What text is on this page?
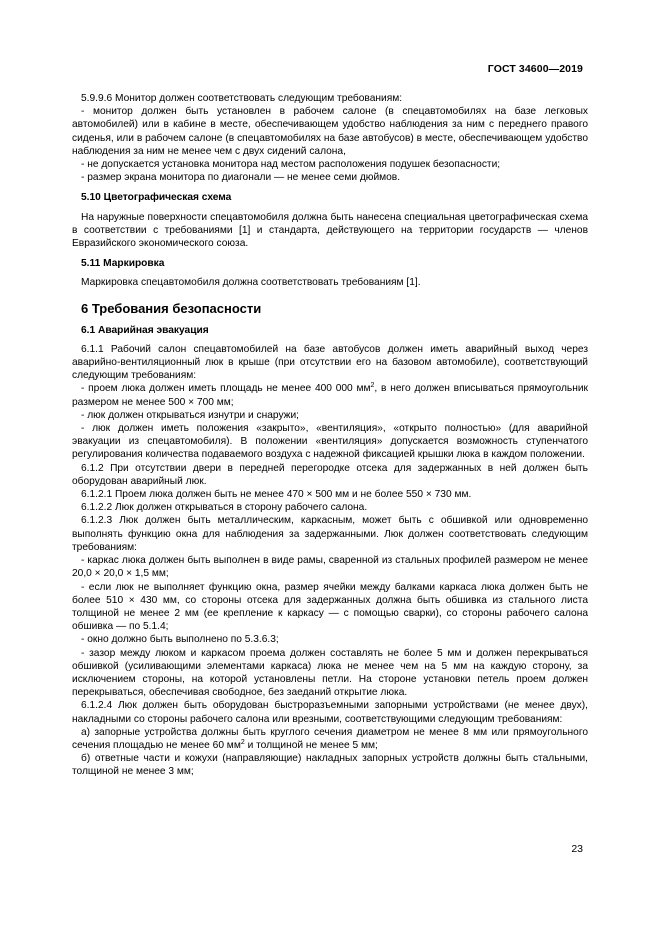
ГОСТ 34600—2019

5.9.9.6 Монитор должен соответствовать следующим требованиям:

- монитор должен быть установлен в рабочем салоне (в спецавтомобилях на базе легковых автомобилей) или в кабине в месте, обеспечивающем удобство наблюдения за ним с переднего правого сиденья, или в рабочем салоне (в спецавтомобилях на базе автобусов) в месте, обеспечивающем удобство наблюдения за ним не менее чем с двух сидений салона,

- не допускается установка монитора над местом расположения подушек безопасности;

- размер экрана монитора по диагонали — не менее семи дюймов.

5.10 Цветографическая схема

На наружные поверхности спецавтомобиля должна быть нанесена специальная цветографическая схема в соответствии с требованиями [1] и стандарта, действующего на территории государств — членов Евразийского экономического союза.

5.11 Маркировка

Маркировка спецавтомобиля должна соответствовать требованиям [1].

6 Требования безопасности

6.1 Аварийная эвакуация

6.1.1 Рабочий салон спецавтомобилей на базе автобусов должен иметь аварийный выход через аварийно-вентиляционный люк в крыше (при отсутствии его на базовом автомобиле), соответствующий следующим требованиям:

- проем люка должен иметь площадь не менее 400 000 $мм^2$, в него должен вписываться прямоугольник размером не менее 500 × 700 мм;

- люк должен открываться изнутри и снаружи;

- люк должен иметь положения «закрыто», «вентиляция», «открыто полностью» (для аварийной эвакуации из спецавтомобиля). В положении «вентиляция» допускается возможность ступенчатого регулирования количества подаваемого воздуха с надежной фиксацией крышки люка в каждом положении.

6.1.2 При отсутствии двери в передней перегородке отсека для задержанных в ней должен быть оборудован аварийный люк.

6.1.2.1 Проем люка должен быть не менее 470 × 500 мм и не более 550 × 730 мм.

6.1.2.2 Люк должен открываться в сторону рабочего салона.

6.1.2.3 Люк должен быть металлическим, каркасным, может быть с обшивкой или одновременно выполнять функцию окна для наблюдения за задержанными. Люк должен соответствовать следующим требованиям:

- каркас люка должен быть выполнен в виде рамы, сваренной из стальных профилей размером не менее 20,0 × 20,0 × 1,5 мм;

- если люк не выполняет функцию окна, размер ячейки между балками каркаса люка должен быть не более 510 × 430 мм, со стороны отсека для задержанных должна быть обшивка из стального листа толщиной не менее 2 мм (ее крепление к каркасу — с помощью сварки), со стороны рабочего салона обшивка — по 5.1.4;

- окно должно быть выполнено по 5.3.6.3;

- зазор между люком и каркасом проема должен составлять не более 5 мм и должен перекрываться обшивкой (усиливающими элементами каркаса) люка не менее чем на 5 мм на каждую сторону, за исключением стороны, на которой установлены петли. На стороне установки петель проем должен перекрываться, обеспечивая свободное, без заеданий открытие люка.

6.1.2.4 Люк должен быть оборудован быстроразъемными запорными устройствами (не менее двух), накладными со стороны рабочего салона или врезными, соответствующими следующим требованиям:

а) запорные устройства должны быть круглого сечения диаметром не менее 8 мм или прямоугольного сечения площадью не менее 60 $мм^2$ и толщиной не менее 5 мм;

б) ответные части и кожухи (направляющие) накладных запорных устройств должны быть стальными, толщиной не менее 3 мм;

23
